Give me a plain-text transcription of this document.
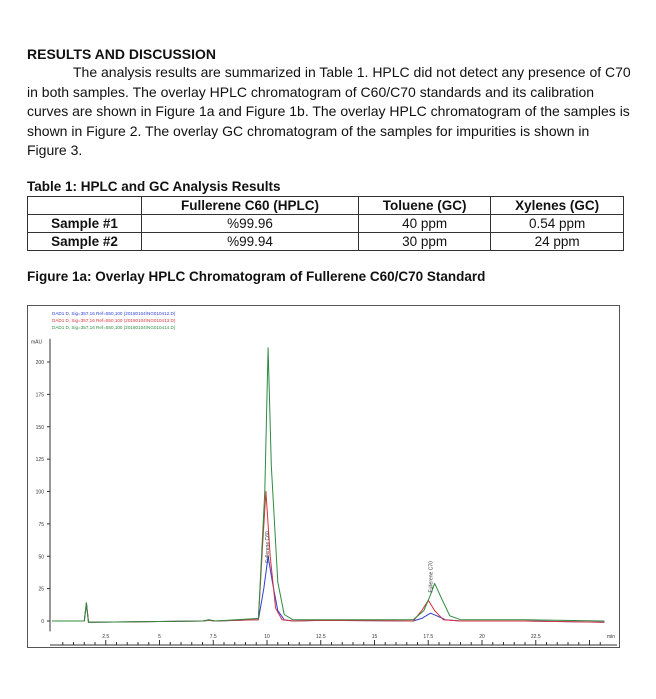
RESULTS AND DISCUSSION
The analysis results are summarized in Table 1. HPLC did not detect any presence of C70 in both samples. The overlay HPLC chromatogram of C60/C70 standards and its calibration curves are shown in Figure 1a and Figure 1b. The overlay HPLC chromatogram of the samples is shown in Figure 2. The overlay GC chromatogram of the samples for impurities is shown in Figure 3.
Table 1: HPLC and GC Analysis Results
	Fullerene C60 (HPLC)	Toluene (GC)	Xylenes (GC)
Sample #1	%99.96	40 ppm	0.54 ppm
Sample #2	%99.94	30 ppm	24 ppm
Figure 1a: Overlay HPLC Chromatogram of Fullerene C60/C70 Standard
mAU
0
25
50
75
100
125
150
175
200
2.5	5	7.5	10	12.5	15	17.5	20	22.5	min
DAD1 D, Sig=357,16 Ref=550,100 (20180104\NG010412.D)
DAD1 D, Sig=357,16 Ref=550,100 (20180104\NG010413.D)
DAD1 D, Sig=357,16 Ref=550,100 (20180104\NG010414.D)
Fullerene C60
Fullerene C70
